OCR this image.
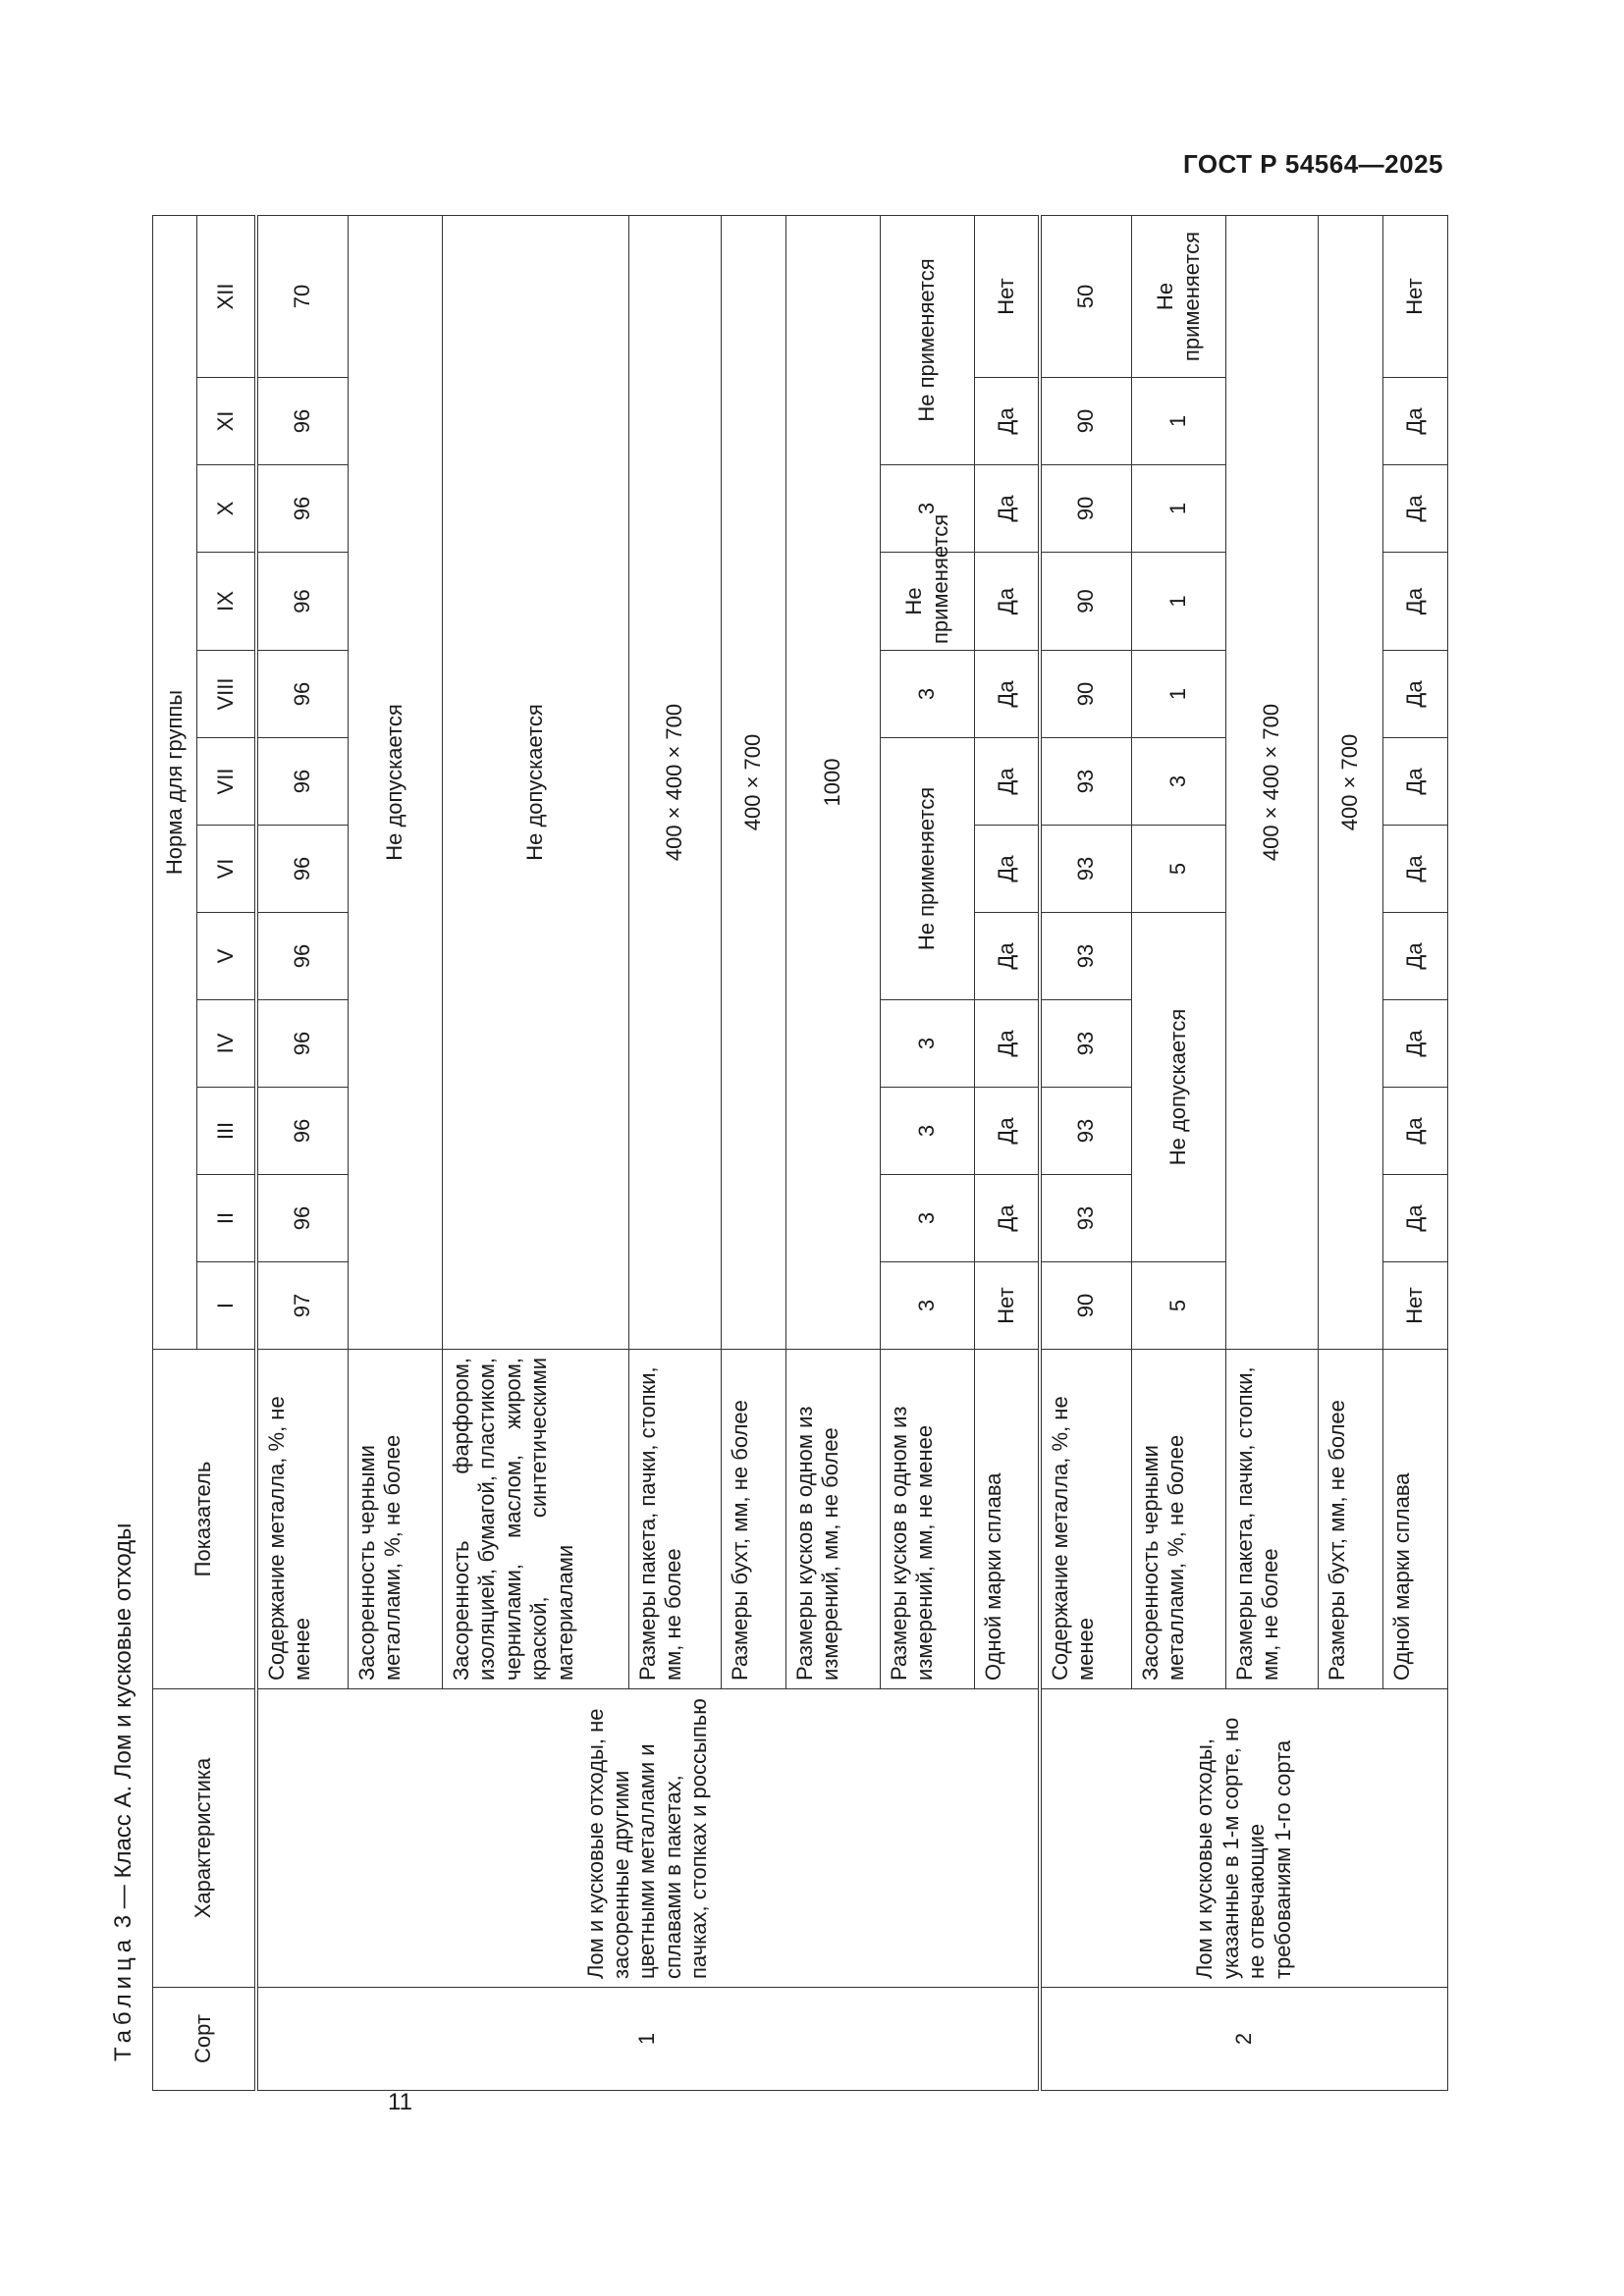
ГОСТ Р 54564—2025
Таблица 3 — Класс А. Лом и кусковые отходы
Сорт	Характеристика	Показатель	Норма для группы											
			I	II	III	IV	V	VI	VII	VIII	IX	X	XI	XII
1	Лом и кусковые отходы, не засоренные другими цветными металлами и сплавами в пакетах, пачках, стопках и россыпью	Содержание металла, %, не менее	97	96	96	96	96	96	96	96	96	96	96	70
		Засоренность черными металлами, %, не более	Не допускается											
		Засоренность фарфором, изоляцией, бумагой, пластиком, чернилами, маслом, жиром, краской, синтетическими материалами	Не допускается											
		Размеры пакета, пачки, стопки, мм, не более	400 × 400 × 700											
		Размеры бухт, мм, не более	400 × 700											
		Размеры кусков в одном из измерений, мм, не более	1000											
		Размеры кусков в одном из измерений, мм, не менее	3	3	3	3	Не применяется			3	Не применяется	3	Не применяется	
		Одной марки сплава	Нет	Да	Да	Да	Да	Да	Да	Да	Да	Да	Да	Нет
2	Лом и кусковые отходы, указанные в 1-м сорте, но не отвечающие требованиям 1-го сорта	Содержание металла, %, не менее	90	93	93	93	93	93	93	90	90	90	90	50
		Засоренность черными металлами, %, не более	5	Не допускается				5	3	1	1	1	1	Не применяется
		Размеры пакета, пачки, стопки, мм, не более	400 × 400 × 700											
		Размеры бухт, мм, не более	400 × 700											
		Одной марки сплава	Нет	Да	Да	Да	Да	Да	Да	Да	Да	Да	Да	Нет
11
